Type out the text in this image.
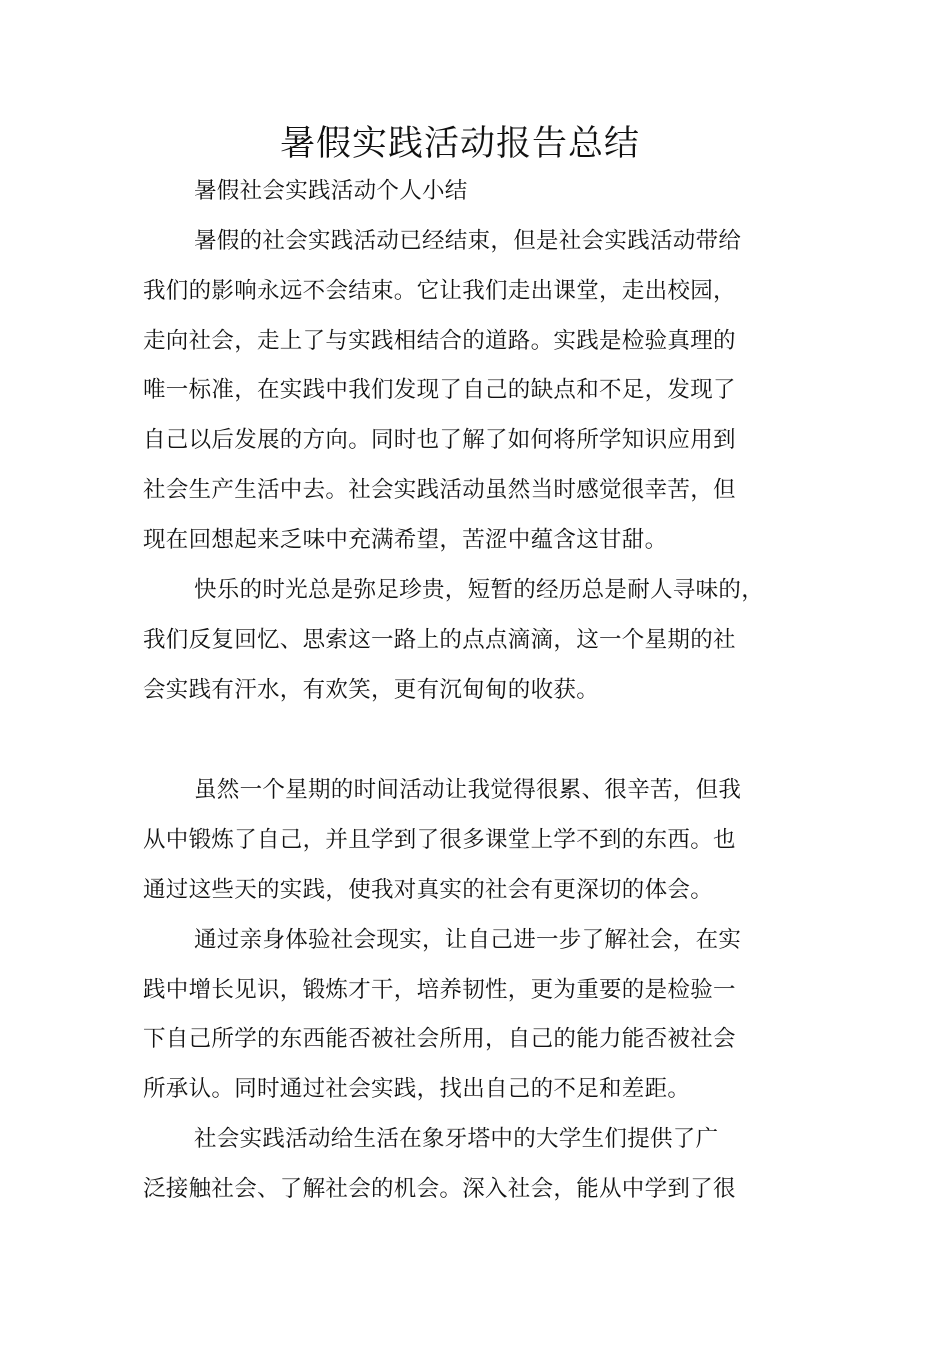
暑假实践活动报告总结
暑假社会实践活动个人小结
暑假的社会实践活动已经结束，但是社会实践活动带给
我们的影响永远不会结束。它让我们走出课堂，走出校园，
走向社会，走上了与实践相结合的道路。实践是检验真理的
唯一标准，在实践中我们发现了自己的缺点和不足，发现了
自己以后发展的方向。同时也了解了如何将所学知识应用到
社会生产生活中去。社会实践活动虽然当时感觉很幸苦，但
现在回想起来乏味中充满希望，苦涩中蕴含这甘甜。
快乐的时光总是弥足珍贵，短暂的经历总是耐人寻味的，
我们反复回忆、思索这一路上的点点滴滴，这一个星期的社
会实践有汗水，有欢笑，更有沉甸甸的收获。
虽然一个星期的时间活动让我觉得很累、很辛苦，但我
从中锻炼了自己，并且学到了很多课堂上学不到的东西。也
通过这些天的实践，使我对真实的社会有更深切的体会。
通过亲身体验社会现实，让自己进一步了解社会，在实
践中增长见识，锻炼才干，培养韧性，更为重要的是检验一
下自己所学的东西能否被社会所用，自己的能力能否被社会
所承认。同时通过社会实践，找出自己的不足和差距。
社会实践活动给生活在象牙塔中的大学生们提供了广
泛接触社会、了解社会的机会。深入社会，能从中学到了很
